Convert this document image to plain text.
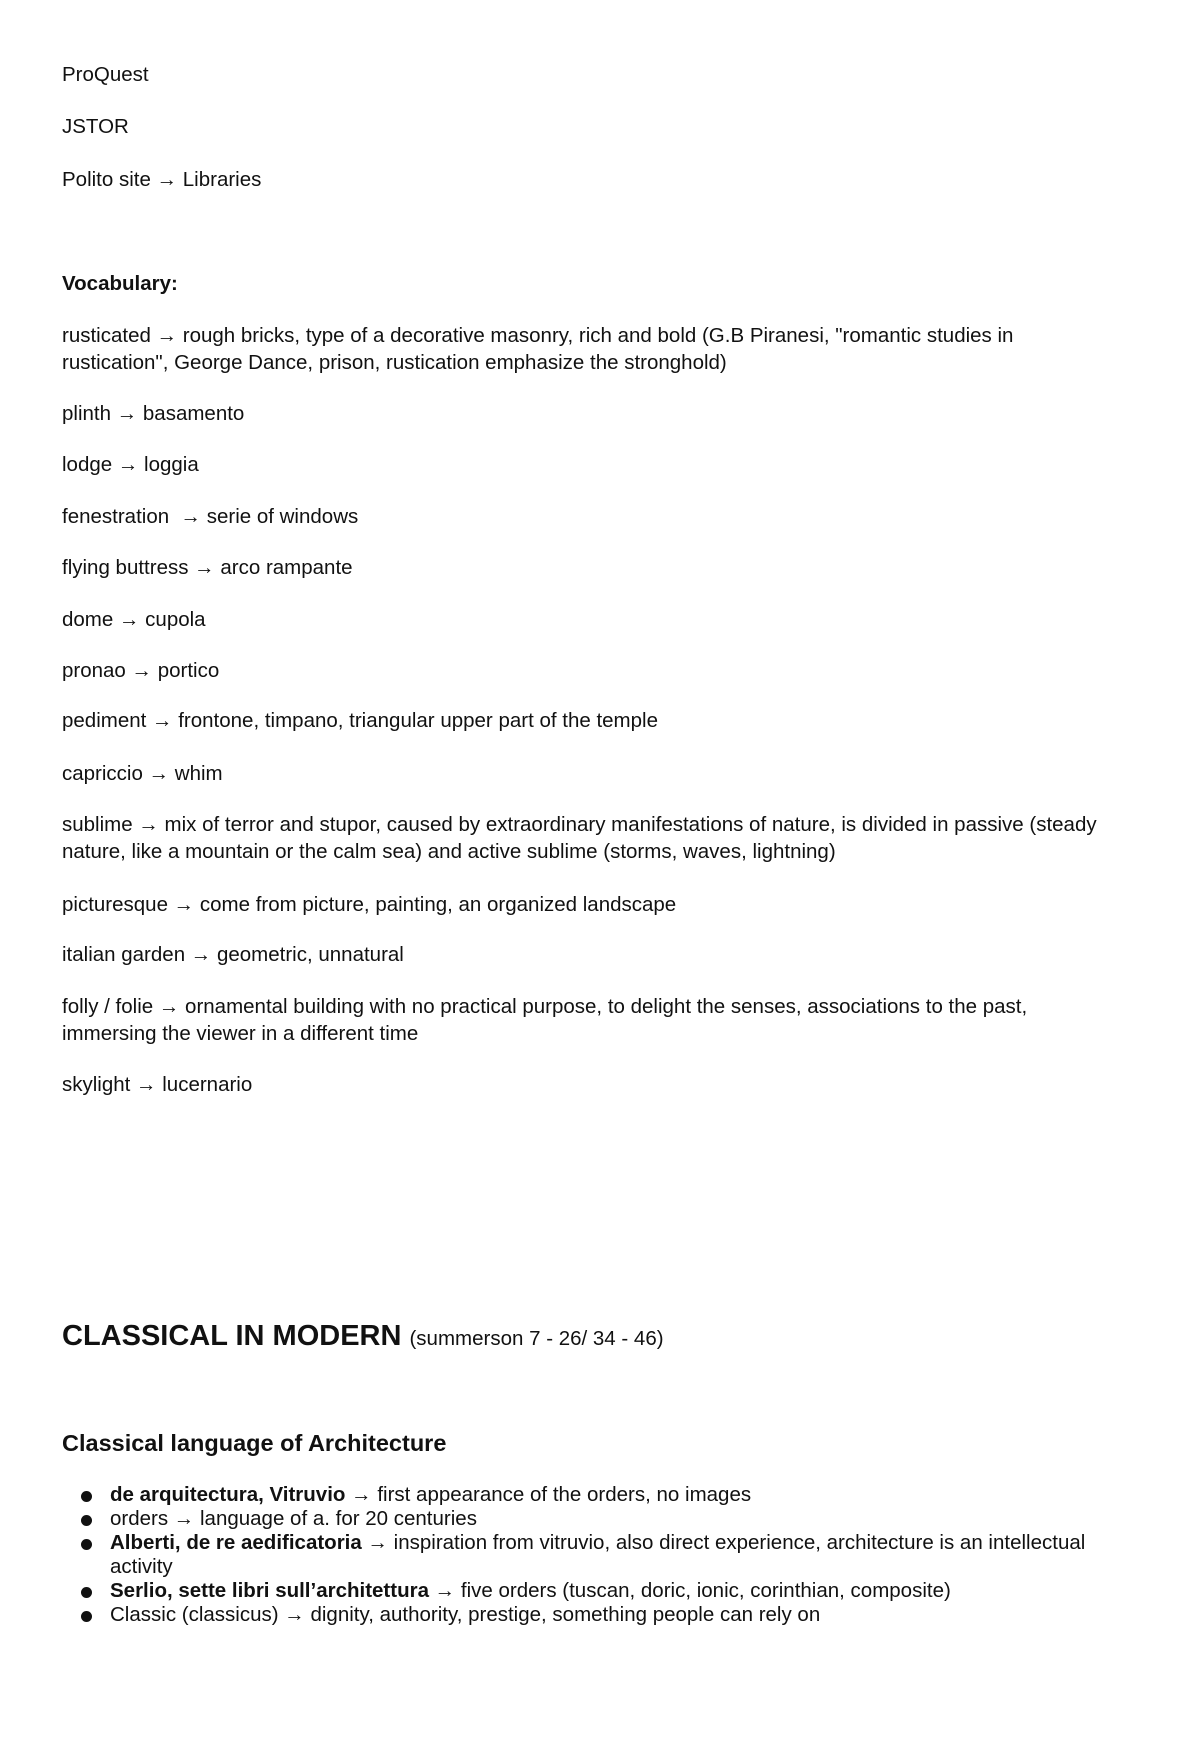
ProQuest
JSTOR
Polito site → Libraries
Vocabulary:
rusticated → rough bricks, type of a decorative masonry, rich and bold (G.B Piranesi, "romantic studies in rustication", George Dance, prison, rustication emphasize the stronghold)
plinth → basamento
lodge → loggia
fenestration  → serie of windows
flying buttress → arco rampante
dome → cupola
pronao → portico
pediment → frontone, timpano, triangular upper part of the temple
capriccio → whim
sublime → mix of terror and stupor, caused by extraordinary manifestations of nature, is divided in passive (steady nature, like a mountain or the calm sea) and active sublime (storms, waves, lightning)
picturesque → come from picture, painting, an organized landscape
italian garden → geometric, unnatural
folly / folie → ornamental building with no practical purpose, to delight the senses, associations to the past, immersing the viewer in a different time
skylight → lucernario
CLASSICAL IN MODERN (summerson 7 - 26/ 34 - 46)
Classical language of Architecture
de arquitectura, Vitruvio → first appearance of the orders, no images
orders → language of a. for 20 centuries
Alberti, de re aedificatoria → inspiration from vitruvio, also direct experience, architecture is an intellectual activity
Serlio, sette libri sull’architettura → five orders (tuscan, doric, ionic, corinthian, composite)
Classic (classicus) → dignity, authority, prestige, something people can rely on
